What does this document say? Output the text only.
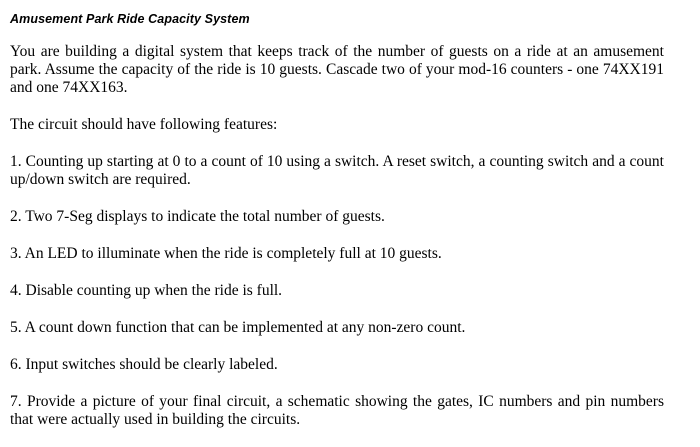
Amusement Park Ride Capacity System

You are building a digital system that keeps track of the number of guests on a ride at an amusement park. Assume the capacity of the ride is 10 guests. Cascade two of your mod-16 counters - one 74XX191 and one 74XX163.

The circuit should have following features:

1. Counting up starting at 0 to a count of 10 using a switch. A reset switch, a counting switch and a count up/down switch are required.

2. Two 7-Seg displays to indicate the total number of guests.

3. An LED to illuminate when the ride is completely full at 10 guests.

4. Disable counting up when the ride is full.

5. A count down function that can be implemented at any non-zero count.

6. Input switches should be clearly labeled.

7. Provide a picture of your final circuit, a schematic showing the gates, IC numbers and pin numbers that were actually used in building the circuits.
